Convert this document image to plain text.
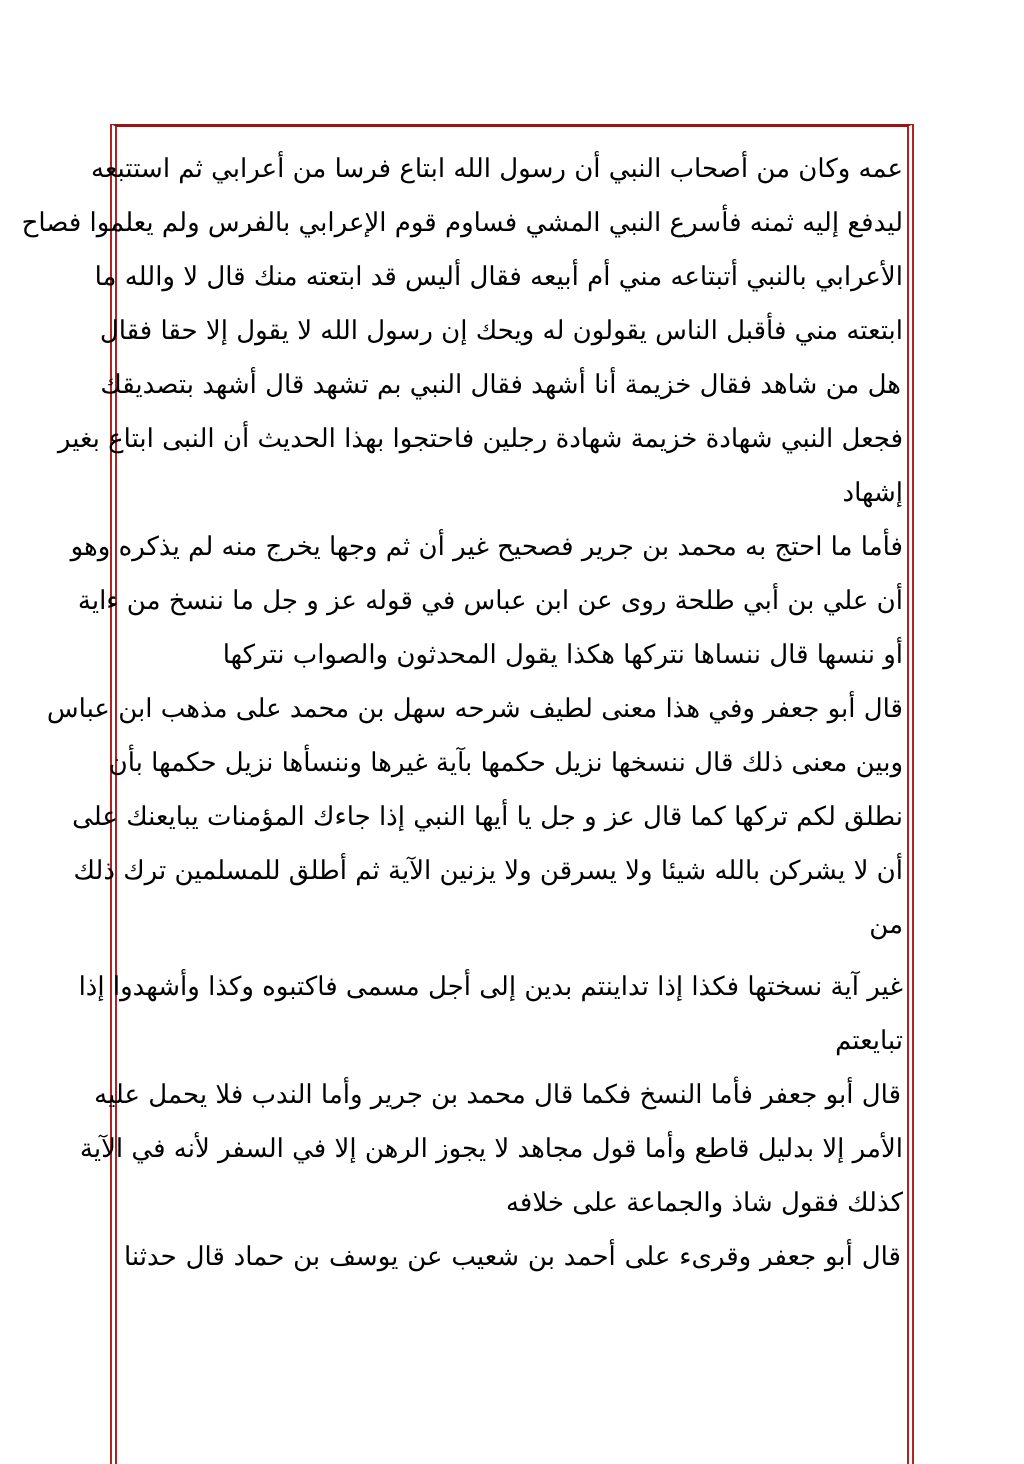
عمه وكان من أصحاب النبي أن رسول الله ابتاع فرسا من أعرابي ثم استتبعه
ليدفع إليه ثمنه فأسرع النبي المشي فساوم قوم الإعرابي بالفرس ولم يعلموا فصاح
الأعرابي بالنبي أتبتاعه مني أم أبيعه فقال أليس قد ابتعته منك قال لا والله ما
ابتعته مني فأقبل الناس يقولون له ويحك إن رسول الله لا يقول إلا حقا فقال
هل من شاهد فقال خزيمة أنا أشهد فقال النبي بم تشهد قال أشهد بتصديقك
فجعل النبي شهادة خزيمة شهادة رجلين فاحتجوا بهذا الحديث أن النبى ابتاع بغير
إشهاد
فأما ما احتج به محمد بن جرير فصحيح غير أن ثم وجها يخرج منه لم يذكره وهو
أن علي بن أبي طلحة روى عن ابن عباس في قوله عز و جل ما ننسخ من ءاية
أو ننسها قال ننساها نتركها هكذا يقول المحدثون والصواب نتركها
قال أبو جعفر وفي هذا معنى لطيف شرحه سهل بن محمد على مذهب ابن عباس
وبين معنى ذلك قال ننسخها نزيل حكمها بآية غيرها وننسأها نزيل حكمها بأن
نطلق لكم تركها كما قال عز و جل يا أيها النبي إذا جاءك المؤمنات يبايعنك على
أن لا يشركن بالله شيئا ولا يسرقن ولا يزنين الآية ثم أطلق للمسلمين ترك ذلك
من
غير آية نسختها فكذا إذا تداينتم بدين إلى أجل مسمى فاكتبوه وكذا وأشهدوا إذا
تبايعتم
قال أبو جعفر فأما النسخ فكما قال محمد بن جرير وأما الندب فلا يحمل عليه
الأمر إلا بدليل قاطع وأما قول مجاهد لا يجوز الرهن إلا في السفر لأنه في الآية
كذلك فقول شاذ والجماعة على خلافه
قال أبو جعفر وقرىء على أحمد بن شعيب عن يوسف بن حماد قال حدثنا
